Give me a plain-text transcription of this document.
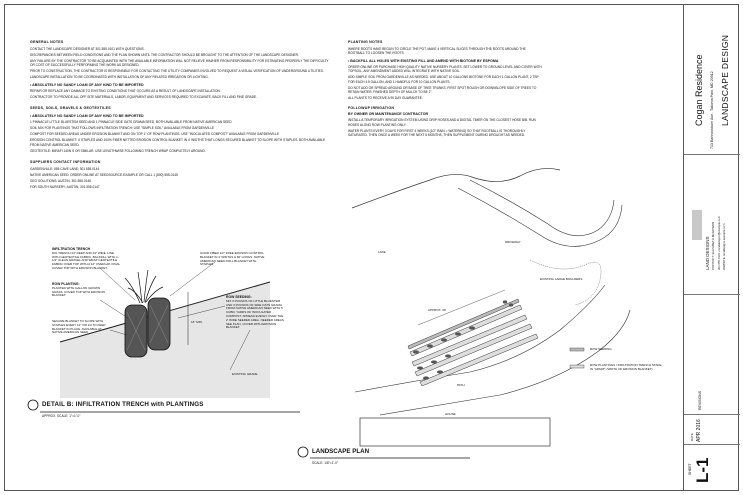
GENERAL NOTES

CONTACT THE LANDSCAPE DESIGNER AT 301.555.0101 WITH QUESTIONS.

DISCREPANCIES BETWEEN FIELD CONDITIONS AND THE PLAN SHOWN UNTIL THE CONTRACTOR SHOULD BE BROUGHT TO THE ATTENTION OF THE LANDSCAPE DESIGNER.

ANY FAILURE BY THE CONTRACTOR TO BE ACQUAINTED WITH THE AVAILABLE INFORMATION WILL NOT RELIEVE HIM/HER FROM RESPONSIBILITY FOR ESTIMATING PROPERLY THE DIFFICULTY OR COST OF SUCCESSFULLY PERFORMING THE WORK AS DESIGNED.

PRIOR TO CONSTRUCTION, THE CONTRACTOR IS RESPONSIBLE FOR CONTACTING THE UTILITY COMPANIES INVOLVED TO REQUEST A VISUAL VERIFICATION OF UNDERGROUND UTILITIES.

LANDSCAPE INSTALLATION TO BE COORDINATED WITH INSTALLATION OF ANY RELATED IRRIGATION OR LIGHTING.

• ABSOLUTELY NO SANDY LOAM OF ANY KIND TO BE IMPORTED

REPAIR OR REPLACE ANY DAMAGE TO EXISTING CONDITIONS THAT OCCURS AS A RESULT OF LANDSCAPE INSTALLATION.

CONTRACTOR TO PROVIDE ALL OFF SITE MATERIALS, LABOR, EQUIPMENT AND SERVICES REQUIRED TO EXCAVATE, BACK FILL AND FINE GRADE.

SEEDS, SOILS, GRAVELS & GEOTEXTILES
• ABSOLUTELY NO SANDY LOAM OF ANY KIND TO BE IMPORTED

1 PINNACLE LITTLE BLUESTEM SEED AND 1 PINNACLE SIDE OATS GRAMA SEED, BOTH AVAILABLE FROM NATIVE AMERICAN SEED

SOIL MIX FOR PLANTINGS THAT FOLLOWS INFILTRATION TRENCH: USE "SIMPLE SOIL" AVAILABLE FROM GARDENVILLE

COMPOST FOR SEEDED AREAS UNDER EROSION BLANKET AND ON TOP 1" OF ROW PLANTINGS: USE "INOCULATED COMPOST" AVAILABLE FROM GARDENVILLE

EROSION CONTROL BLANKET: 4' STAPLES AND 100% FIBER NETTED EROSION CONTROL BLANKET IN 4' WIDTHS THAT LONGS SECURED BLANKET TO SLOPE WITH STAPLES. BOTH AVAILABLE FROM NATIVE AMERICAN SEED.

GEOTEXTILE: MIRAFI 140N S OR SIMILAR. USE LENGTHWISE FOLLOWING TRENCH WRAP COMPLETELY AROUND.

SUPPLIERS CONTACT INFORMATION

GARDENVILLE: 555 CAVE LANE; 301.555.0144

NATIVE AMERICAN SEED: ORDER ONLINE AT SEEDSOURCE.EXAMPLE OR CALL 1 (800) 555-0145

GEO SOLUTIONS: AUSTIN, 301.555.0146

FOR SOUTH NURSERY: AUSTIN, 301.555.0147

PLANTING NOTES

WHERE ROOTS HAVE BEGUN TO CIRCLE THE POT, MAKE 4 VERTICAL SLICES THROUGH THE ROOTS AROUND THE ROOTBALL TO LOOSEN THE ROOTS.

• BACKFILL ALL HOLES WITH EXISTING FILL AND AMEND WITH BIOTONE BY ESPOMA

ORDER ONLINE OR PURCHASE HIGH QUALITY NATIVE NURSERY PLANTS. SET LOWER TO GROUND LEVEL AND COVER WITH TOPSOIL. ANY AMENDMENT ADDED WILL INTEGRATE WITH NATIVE SOIL.

ADD SIMPLE SOIL FROM GARDENVILLE AS NEEDED. USE ABOUT 10 GALLONS BIOTONE FOR EACH 1 GALLON PLANT, 2 TSP FOR EACH 4.5 GALLON, AND 1 HANDFUL FOR 10 GALLON PLANTS.

DO NOT ADD OR SPREAD AROUND OR BASE OF TREE TRUNKS. FIRST SPOT ROUGH OR DOWNSLOPE SIDE OF TREES TO RETAIN WATER. FINISHED DEPTH OF MULCH TO BE 2".

ALL PLANTS TO RECEIVE A 90 DAY GUARANTEE.

FOLLOWUP IRRIGATION
BY OWNER OR MAINTENANCE CONTRACTOR

INSTALL A TEMPORARY IRRIGATION SYSTEM USING DRIP HOSES AND A DIGITAL TIMER ON THE CLOSEST HOSE BIB. RUN HOSES ALONG ROW PLANTING ONLY.

WATER PLANTS EVERY 3 DAYS FOR FIRST 4 WEEKS (1/2" RAIN = WATERING) SO THAT ROOTBALL IS THOROUGHLY SATURATED. THEN ONCE A WEEK FOR THE NEXT 6 MONTHS, THEN SUPPLEMENT DURING DROUGHT AS NEEDED.

INFILTRATION TRENCH
DIG TRENCH 24" DEEP AND 24" WIDE. LINE WITH GEOTEXTILE FABRIC. BACKFILL WITH 1-1/2" CLEAN GRAVEL AND WRAP GEOTEXTILE FABRIC OVER TOP WITH A 12" OVERLAP. FINAL COVER TOP WITH EROSION BLANKET.
ROW PLANTING:
PLANTED WITH GALLON GROWN GRASS. COVER TOP WITH EROSION BLANKET.
SECURE BLANKET TO SLOPE WITH STAPLES EVERY 12" OR 1/2 TO KEEP BLANKET IN PLACE. AVAILABLE AT NATIVE AMERICAN SEED.
GOOD FIBER 1/2" FREE EROSION CONTROL BLANKET IN 4' WIDTHS & 60' LONGS. NATIVE AMERICAN SEED ROLL BLANKET WITH STAPLES
ROW SEEDING:
MIX 3 POUNDS OF LITTLE BLUESTEM AND 3 POUNDS OF SIDE OATS GRAMA FROM NATIVE AMERICAN SEED WITH 5 CUBIC YARDS OF INOCULATED COMPOST. SPREAD EVENLY OVER THE 2' WIDE SEEDED AREA. NEEDED AREAS SEE PLAN. COVER WITH EROSION BLANKET.
16" MIN.
EXISTING GRADE
DETAIL B: INFILTRATION TRENCH with PLANTINGS
APPROX. SCALE: 1"=1'-0"
LAKE
DRIVEWAY
EXISTING LARGE BOULDERS
APPROX. 36'
PATH
HOUSE
ROW SEEDING
ROW PLANTINGS / INFILTRATION TRENCH STAKE IN "APART" (WIDTH OF EROSION BLANKET)
LANDSCAPE PLAN
SCALE: 1/8"=1'-0"
Cogan Residence 713 Bannockburn Ave., Takoma Park, MD 20912 LANDSCAPE DESIGN
LAND DESIGNS CONTACT: ELIZABETH McGOWAN 301.555.0101 • landdesigns@example.com WEBSITE: landdesigns.example.com
REVISIONS
DATE APR 2016
SHEET L-1
